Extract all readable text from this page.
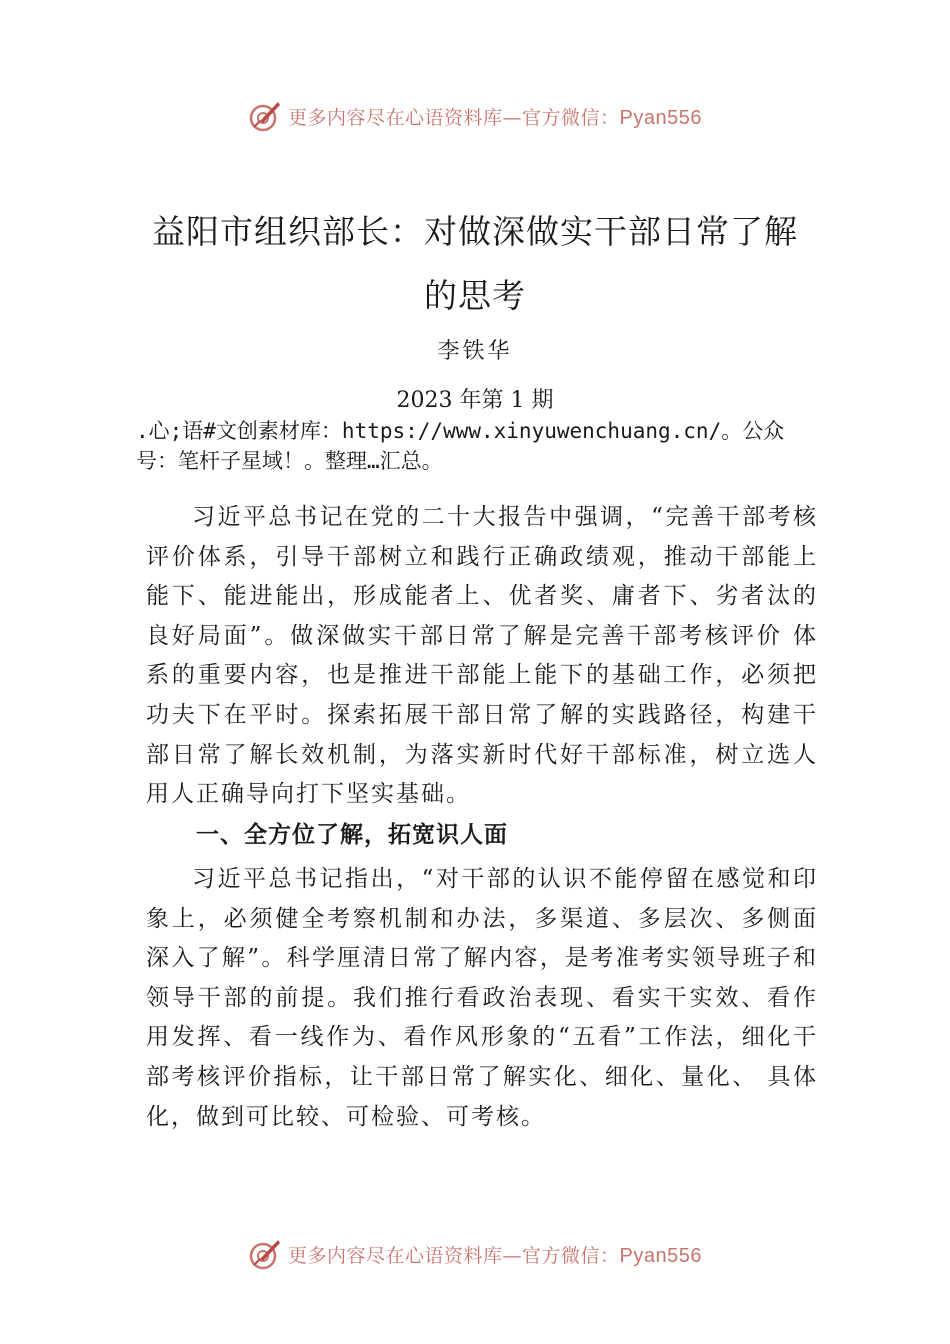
更多内容尽在心语资料库—官方微信：Pyan556
益阳市组织部长：对做深做实干部日常了解的思考
李铁华
2023 年第 1 期
.心;语#文创素材库：https://www.xinyuwenchuang.cn/。公众号：笔杆子星域！。整理…汇总。

习近平总书记在党的二十大报告中强调，“完善干部考核评价体系，引导干部树立和践行正确政绩观，推动干部能上能下、能进能出，形成能者上、优者奖、庸者下、劣者汰的良好局面”。做深做实干部日常了解是完善干部考核评价 体系的重要内容，也是推进干部能上能下的基础工作，必须把功夫下在平时。探索拓展干部日常了解的实践路径，构建干部日常了解长效机制，为落实新时代好干部标准，树立选人用人正确导向打下坚实基础。

一、全方位了解，拓宽识人面

习近平总书记指出，“对干部的认识不能停留在感觉和印象上，必须健全考察机制和办法，多渠道、多层次、多侧面深入了解”。科学厘清日常了解内容，是考准考实领导班子和领导干部的前提。我们推行看政治表现、看实干实效、看作用发挥、看一线作为、看作风形象的“五看”工作法，细化干部考核评价指标，让干部日常了解实化、细化、量化、 具体化，做到可比较、可检验、可考核。

更多内容尽在心语资料库—官方微信：Pyan556
